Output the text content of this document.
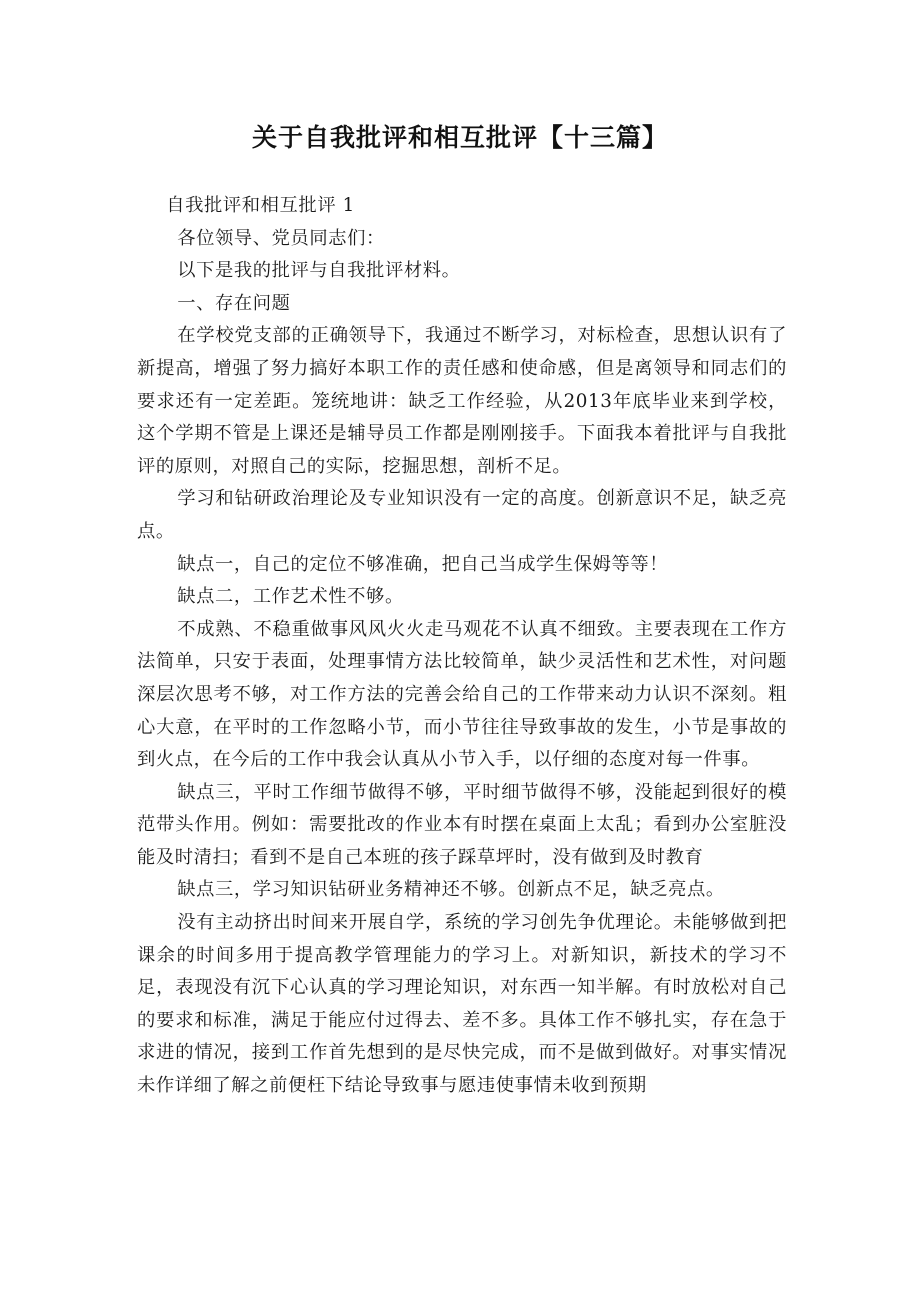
关于自我批评和相互批评【十三篇】

自我批评和相互批评 1

各位领导、党员同志们：

以下是我的批评与自我批评材料。

一、存在问题

在学校党支部的正确领导下，我通过不断学习，对标检查，思想认识有了新提高，增强了努力搞好本职工作的责任感和使命感，但是离领导和同志们的要求还有一定差距。笼统地讲：缺乏工作经验，从2013年底毕业来到学校，这个学期不管是上课还是辅导员工作都是刚刚接手。下面我本着批评与自我批评的原则，对照自己的实际，挖掘思想，剖析不足。

学习和钻研政治理论及专业知识没有一定的高度。创新意识不足，缺乏亮点。

缺点一，自己的定位不够准确，把自己当成学生保姆等等！

缺点二，工作艺术性不够。

不成熟、不稳重做事风风火火走马观花不认真不细致。主要表现在工作方法简单，只安于表面，处理事情方法比较简单，缺少灵活性和艺术性，对问题深层次思考不够，对工作方法的完善会给自己的工作带来动力认识不深刻。粗心大意，在平时的工作忽略小节，而小节往往导致事故的发生，小节是事故的到火点，在今后的工作中我会认真从小节入手，以仔细的态度对每一件事。

缺点三，平时工作细节做得不够，平时细节做得不够，没能起到很好的模范带头作用。例如：需要批改的作业本有时摆在桌面上太乱；看到办公室脏没能及时清扫；看到不是自己本班的孩子踩草坪时，没有做到及时教育

缺点三，学习知识钻研业务精神还不够。创新点不足，缺乏亮点。

没有主动挤出时间来开展自学，系统的学习创先争优理论。未能够做到把课余的时间多用于提高教学管理能力的学习上。对新知识，新技术的学习不足，表现没有沉下心认真的学习理论知识，对东西一知半解。有时放松对自己的要求和标准，满足于能应付过得去、差不多。具体工作不够扎实，存在急于求进的情况，接到工作首先想到的是尽快完成，而不是做到做好。对事实情况未作详细了解之前便枉下结论导致事与愿违使事情未收到预期
